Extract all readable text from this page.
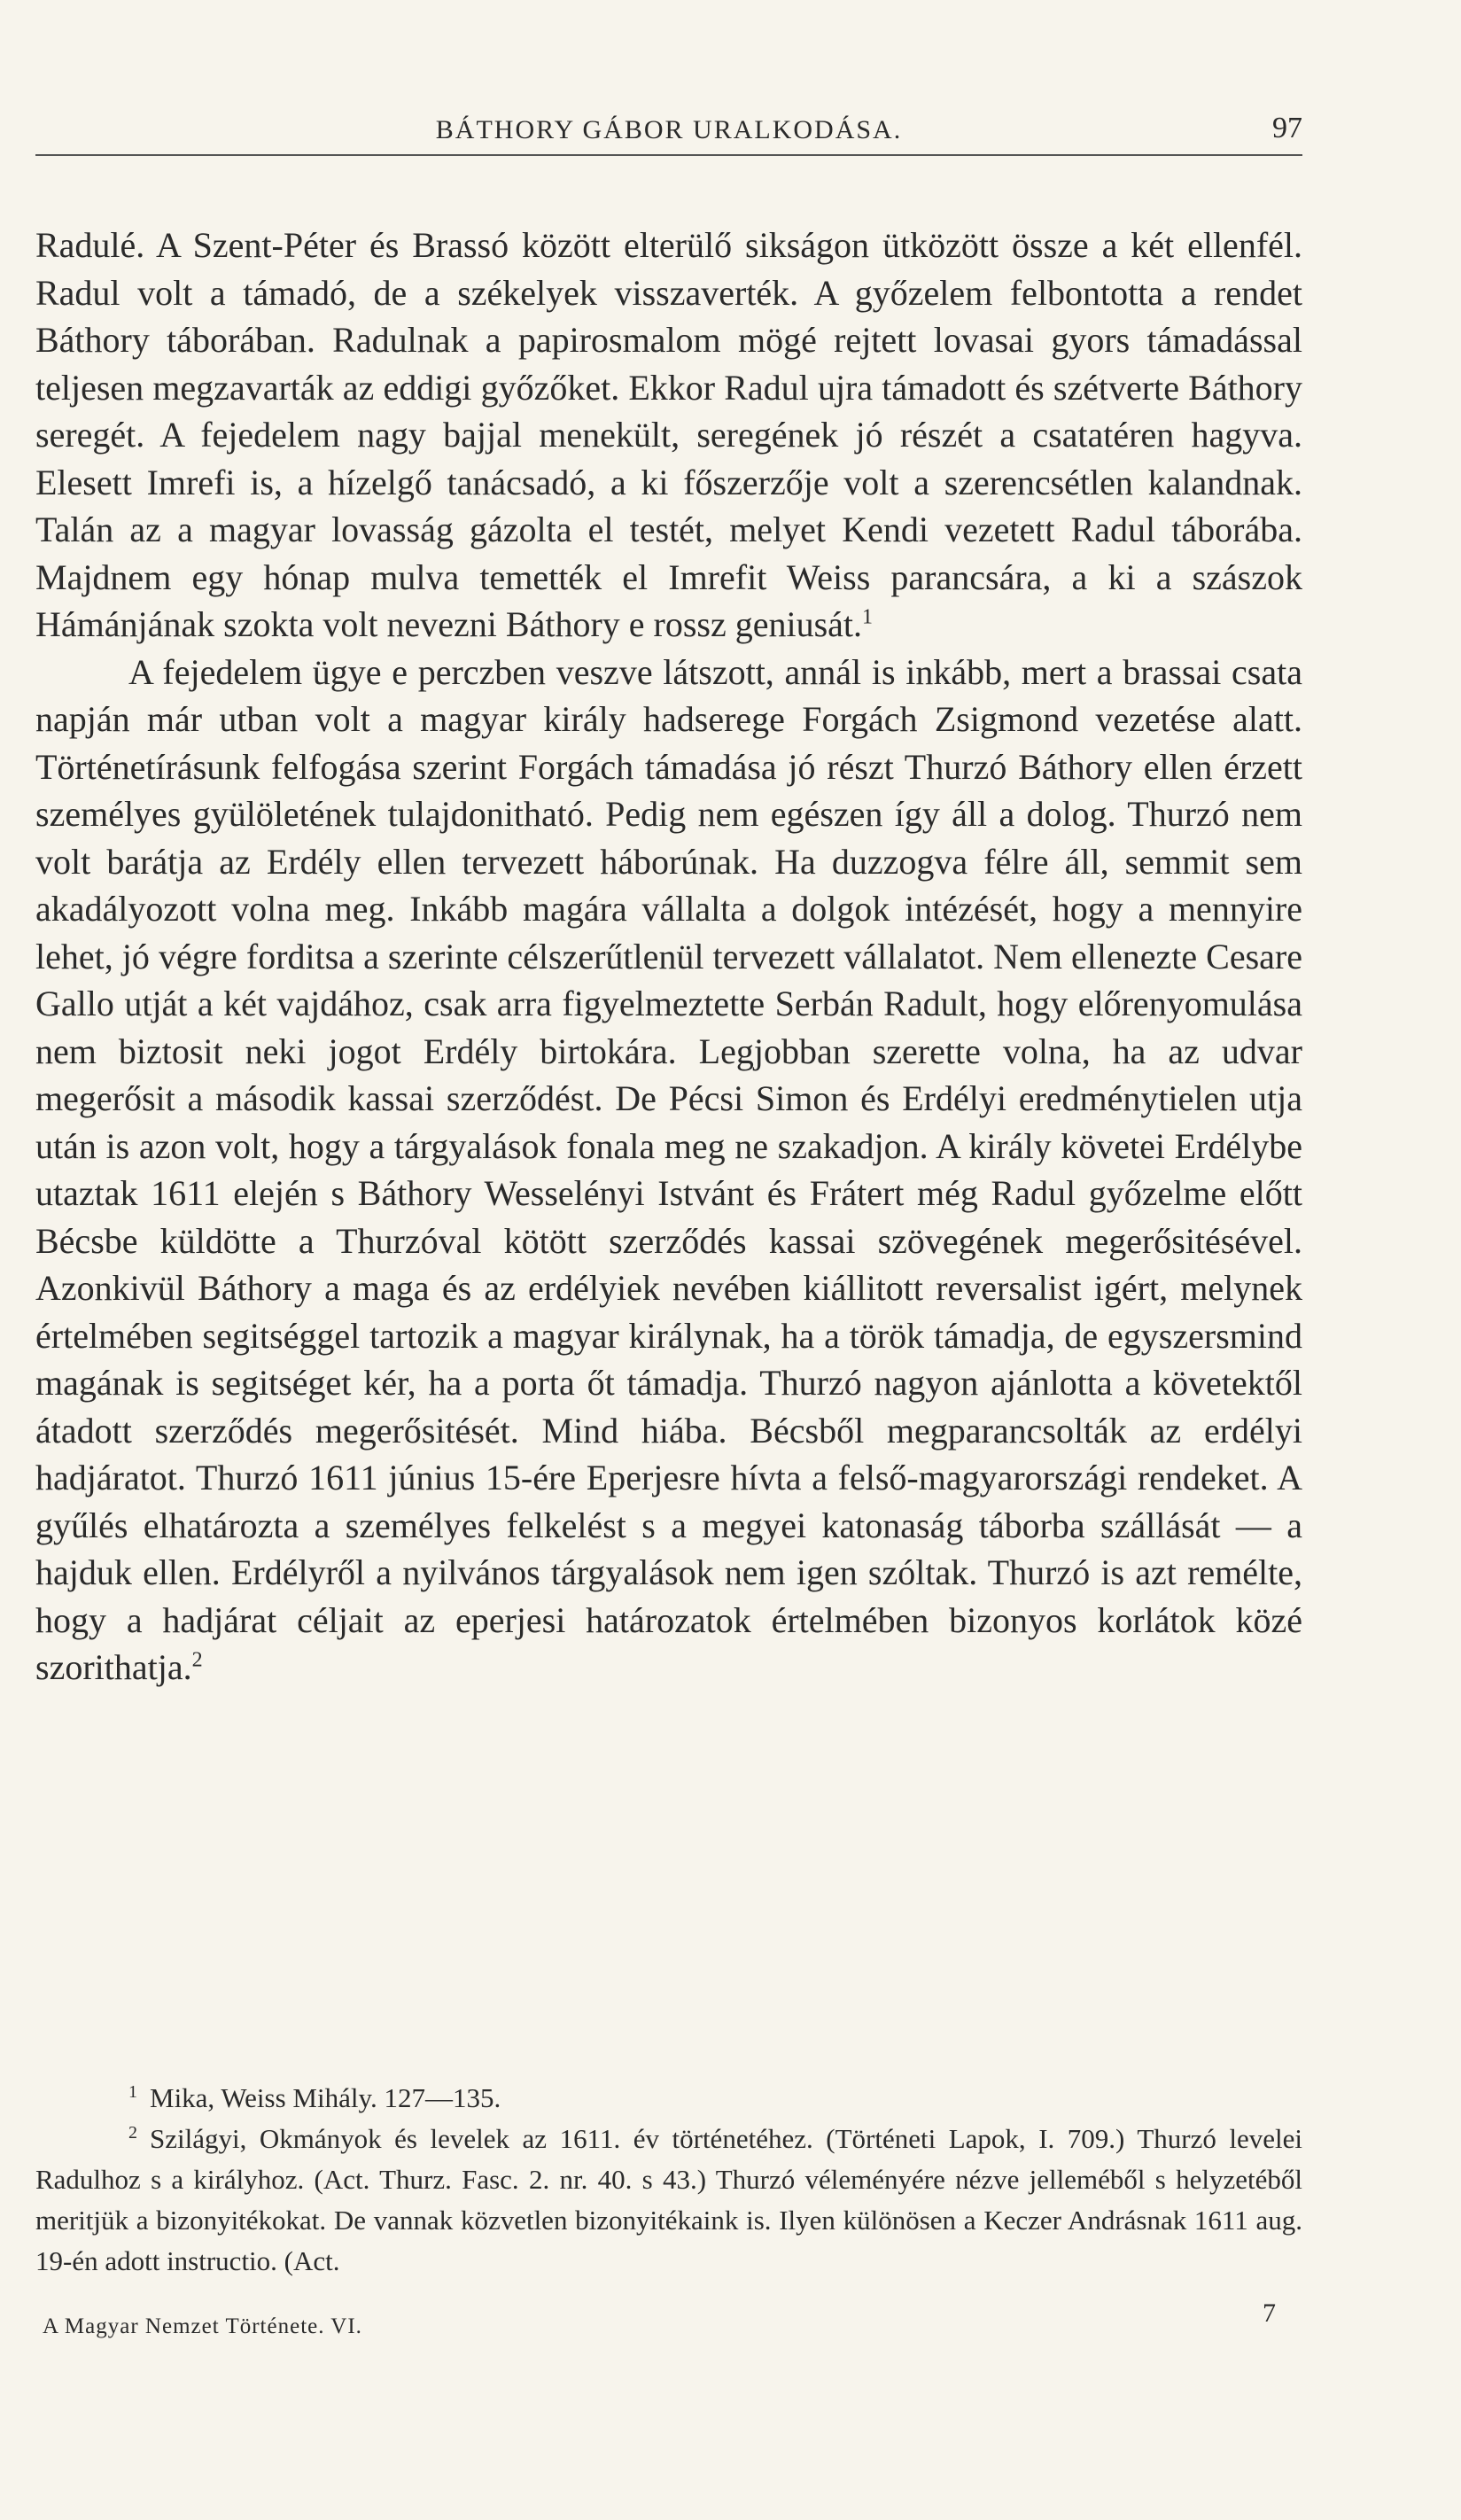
BÁTHORY GÁBOR URALKODÁSA.	97

Radulé. A Szent-Péter és Brassó között elterülő sikságon ütközött össze a két ellenfél. Radul volt a támadó, de a székelyek visszaverték. A győzelem felbontotta a rendet Báthory táborában. Radulnak a papirosmalom mögé rejtett lovasai gyors támadással teljesen megzavarták az eddigi győzőket. Ekkor Radul ujra támadott és szétverte Báthory seregét. A fejedelem nagy bajjal menekült, seregének jó részét a csatatéren hagyva. Elesett Imrefi is, a hízelgő tanácsadó, a ki főszerzője volt a szerencsétlen kalandnak. Talán az a magyar lovasság gázolta el testét, melyet Kendi vezetett Radul táborába. Majdnem egy hónap mulva temették el Imrefit Weiss parancsára, a ki a szászok Hámánjának szokta volt nevezni Báthory e rossz geniusát.$^1$

A fejedelem ügye e perczben veszve látszott, annál is inkább, mert a brassai csata napján már utban volt a magyar király hadserege Forgách Zsigmond vezetése alatt. Történetírásunk felfogása szerint Forgách támadása jó részt Thurzó Báthory ellen érzett személyes gyülöletének tulajdonitható. Pedig nem egészen így áll a dolog. Thurzó nem volt barátja az Erdély ellen tervezett háborúnak. Ha duzzogva félre áll, semmit sem akadályozott volna meg. Inkább magára vállalta a dolgok intézését, hogy a mennyire lehet, jó végre forditsa a szerinte célszerűtlenül tervezett vállalatot. Nem ellenezte Cesare Gallo utját a két vajdához, csak arra figyelmeztette Serbán Radult, hogy előrenyomulása nem biztosit neki jogot Erdély birtokára. Legjobban szerette volna, ha az udvar megerősit a második kassai szerződést. De Pécsi Simon és Erdélyi eredménytielen utja után is azon volt, hogy a tárgyalások fonala meg ne szakadjon. A király követei Erdélybe utaztak 1611 elején s Báthory Wesselényi Istvánt és Frátert még Radul győzelme előtt Bécsbe küldötte a Thurzóval kötött szerződés kassai szövegének megerősitésével. Azonkivül Báthory a maga és az erdélyiek nevében kiállitott reversalist igért, melynek értelmében segitséggel tartozik a magyar királynak, ha a török támadja, de egyszersmind magának is segitséget kér, ha a porta őt támadja. Thurzó nagyon ajánlotta a követektől átadott szerződés megerősitését. Mind hiába. Bécsből megparancsolták az erdélyi hadjáratot. Thurzó 1611 június 15-ére Eperjesre hívta a felső-magyarországi rendeket. A gyűlés elhatározta a személyes felkelést s a megyei katonaság táborba szállását — a hajduk ellen. Erdélyről a nyilvános tárgyalások nem igen szóltak. Thurzó is azt remélte, hogy a hadjárat céljait az eperjesi határozatok értelmében bizonyos korlátok közé szorithatja.$^2$

$^1$ Mika, Weiss Mihály. 127—135.

$^2$ Szilágyi, Okmányok és levelek az 1611. év történetéhez. (Történeti Lapok, I. 709.) Thurzó levelei Radulhoz s a királyhoz. (Act. Thurz. Fasc. 2. nr. 40. s 43.) Thurzó véleményére nézve jelleméből s helyzetéből meritjük a bizonyitékokat. De vannak közvetlen bizonyitékaink is. Ilyen különösen a Keczer Andrásnak 1611 aug. 19-én adott instructio. (Act.

A Magyar Nemzet Története. VI.	7
